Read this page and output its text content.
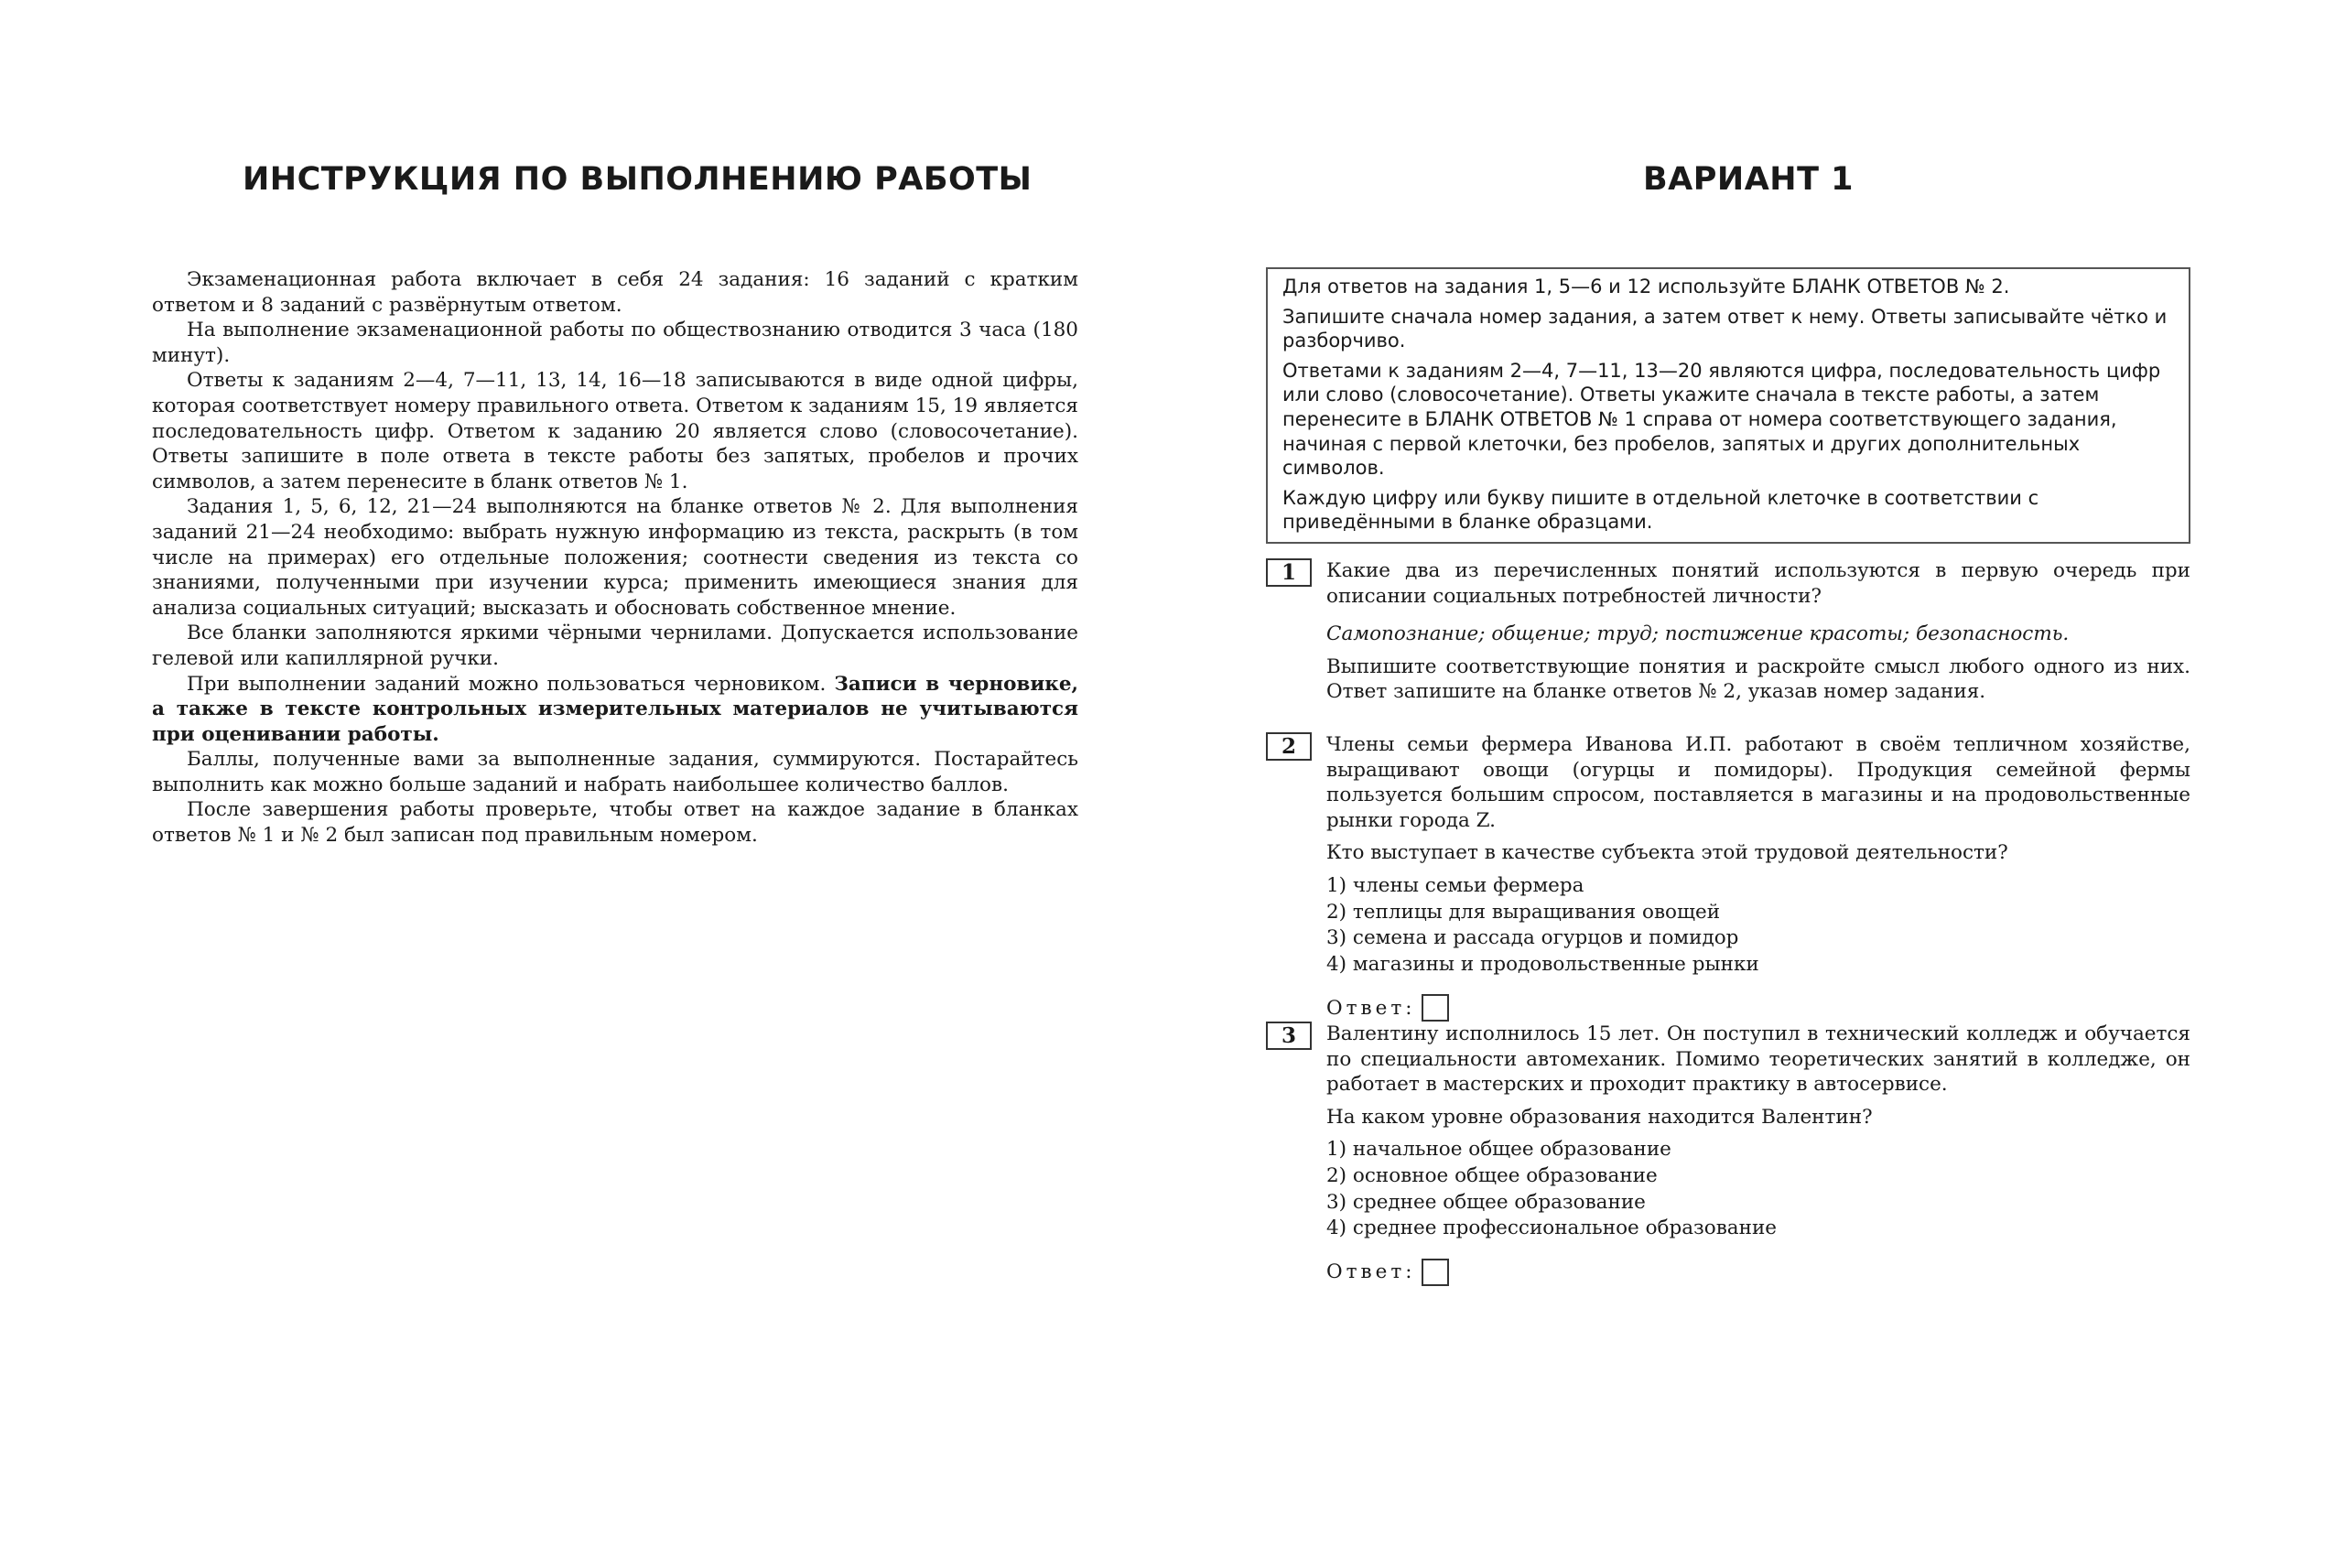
ИНСТРУКЦИЯ ПО ВЫПОЛНЕНИЮ РАБОТЫ

Экзаменационная работа включает в себя 24 задания: 16 заданий с кратким ответом и 8 заданий с развёрнутым ответом.

На выполнение экзаменационной работы по обществознанию отводится 3 часа (180 минут).

Ответы к заданиям 2—4, 7—11, 13, 14, 16—18 записываются в виде одной цифры, которая соответствует номеру правильного ответа. Ответом к заданиям 15, 19 является последовательность цифр. Ответом к заданию 20 является слово (словосочетание). Ответы запишите в поле ответа в тексте работы без запятых, пробелов и прочих символов, а затем перенесите в бланк ответов № 1.

Задания 1, 5, 6, 12, 21—24 выполняются на бланке ответов № 2. Для выполнения заданий 21—24 необходимо: выбрать нужную информацию из текста, раскрыть (в том числе на примерах) его отдельные положения; соотнести сведения из текста со знаниями, полученными при изучении курса; применить имеющиеся знания для анализа социальных ситуаций; высказать и обосновать собственное мнение.

Все бланки заполняются яркими чёрными чернилами. Допускается использование гелевой или капиллярной ручки.

При выполнении заданий можно пользоваться черновиком. Записи в черновике, а также в тексте контрольных измерительных материалов не учитываются при оценивании работы.

Баллы, полученные вами за выполненные задания, суммируются. Постарайтесь выполнить как можно больше заданий и набрать наибольшее количество баллов.

После завершения работы проверьте, чтобы ответ на каждое задание в бланках ответов № 1 и № 2 был записан под правильным номером.

ВАРИАНТ 1

Для ответов на задания 1, 5—6 и 12 используйте БЛАНК ОТВЕТОВ № 2.

Запишите сначала номер задания, а затем ответ к нему. Ответы записывайте чётко и разборчиво.

Ответами к заданиям 2—4, 7—11, 13—20 являются цифра, последовательность цифр или слово (словосочетание). Ответы укажите сначала в тексте работы, а затем перенесите в БЛАНК ОТВЕТОВ № 1 справа от номера соответствующего задания, начиная с первой клеточки, без пробелов, запятых и других дополнительных символов.

Каждую цифру или букву пишите в отдельной клеточке в соответствии с приведёнными в бланке образцами.

1	Какие два из перечисленных понятий используются в первую очередь при описании социальных потребностей личности?

Самопознание; общение; труд; постижение красоты; безопасность.

Выпишите соответствующие понятия и раскройте смысл любого одного из них. Ответ запишите на бланке ответов № 2, указав номер задания.

2	Члены семьи фермера Иванова И.П. работают в своём тепличном хозяйстве, выращивают овощи (огурцы и помидоры). Продукция семейной фермы пользуется большим спросом, поставляется в магазины и на продовольственные рынки города Z.

Кто выступает в качестве субъекта этой трудовой деятельности?

1) члены семьи фермера
2) теплицы для выращивания овощей
3) семена и рассада огурцов и помидор
4) магазины и продовольственные рынки
Ответ:
3	Валентину исполнилось 15 лет. Он поступил в технический колледж и обучается по специальности автомеханик. Помимо теоретических занятий в колледже, он работает в мастерских и проходит практику в автосервисе.

На каком уровне образования находится Валентин?

1) начальное общее образование
2) основное общее образование
3) среднее общее образование
4) среднее профессиональное образование
Ответ:
